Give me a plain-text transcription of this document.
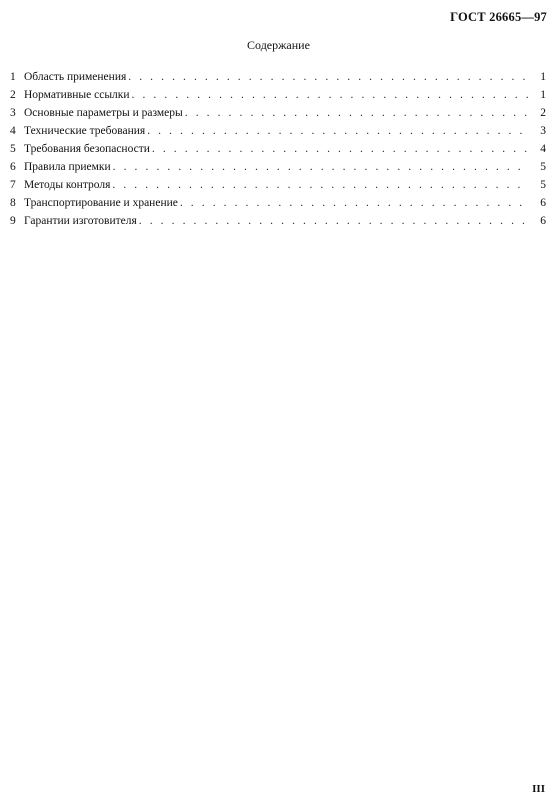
ГОСТ 26665—97
Содержание
1 Область применения . . .	1
2 Нормативные ссылки . . .	1
3 Основные параметры и размеры . . .	2
4 Технические требования . . .	3
5 Требования безопасности . . .	4
6 Правила приемки . . .	5
7 Методы контроля . . .	5
8 Транспортирование и хранение . . .	6
9 Гарантии изготовителя . . .	6
III
